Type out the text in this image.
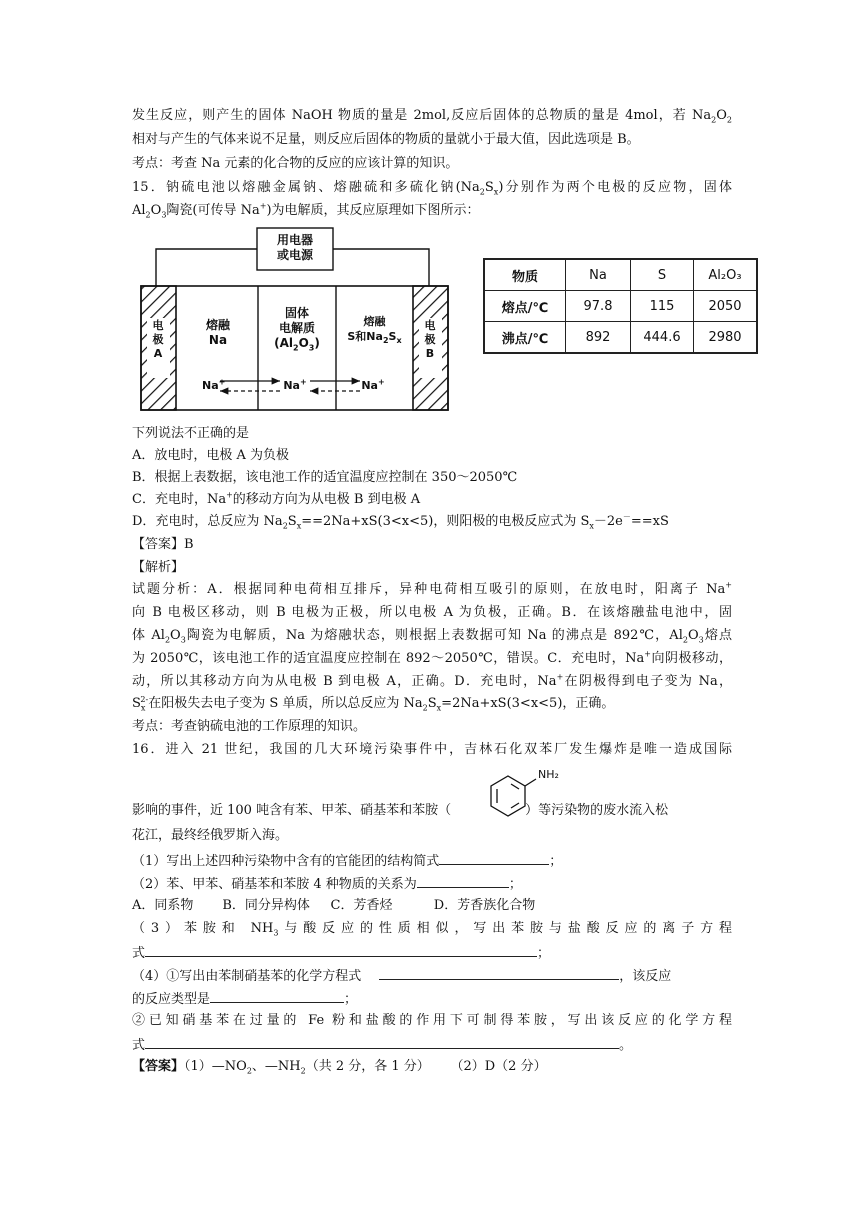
发生反应，则产生的固体 NaOH 物质的量是 2mol,反应后固体的总物质的量是 4mol，若 $Na_2O_2$
相对与产生的气体来说不足量，则反应后固体的物质的量就小于最大值，因此选项是 B。
考点：考查 Na 元素的化合物的反应的应该计算的知识。
15．钠硫电池以熔融金属钠、熔融硫和多硫化钠$(Na_2S_x)$分别作为两个电极的反应物，固体
$Al_2O_3$陶瓷(可传导 Na+)为电解质，其反应原理如下图所示：
用电器
或电源
电极A
电极B
熔融
Na
固体
电解质
$(Al_2O_3)$
熔融
S和$Na_2S_x$
Na+	Na+	Na+
物质	Na	S	Al₂O₃
熔点/℃	97.8	115	2050
沸点/℃	892	444.6	2980
下列说法不正确的是
A．放电时，电极 A 为负极
B．根据上表数据，该电池工作的适宜温度应控制在 350～2050℃
C．充电时，Na+的移动方向为从电极 B 到电极 A
D．充电时，总反应为 $Na_2S_x==2Na+xS(3<x<5)$，则阳极的电极反应式为 $S_x-2e^-==xS$
【答案】B
【解析】
试题分析：A．根据同种电荷相互排斥，异种电荷相互吸引的原则，在放电时，阳离子 Na+
向 B 电极区移动，则 B 电极为正极，所以电极 A 为负极，正确。B．在该熔融盐电池中，固
体 $Al_2O_3$陶瓷为电解质，Na 为熔融状态，则根据上表数据可知 Na 的沸点是 892℃，$Al_2O_3$熔点
为 2050℃，该电池工作的适宜温度应控制在 892～2050℃，错误。C．充电时，Na+向阴极移动，
动，所以其移动方向为从电极 B 到电极 A，正确。D．充电时，Na+在阴极得到电子变为 Na，
$S_x^{2-}$在阳极失去电子变为 S 单质，所以总反应为 $Na_2S_x=2Na+xS(3<x<5)$，正确。
考点：考查钠硫电池的工作原理的知识。
16．进入 21 世纪，我国的几大环境污染事件中，吉林石化双苯厂发生爆炸是唯一造成国际
NH₂
影响的事件，近 100 吨含有苯、甲苯、硝基苯和苯胺（	）等污染物的废水流入松
花江，最终经俄罗斯入海。
（1）写出上述四种污染物中含有的官能团的结构简式	；
（2）苯、甲苯、硝基苯和苯胺 4 种物质的关系为	；
A．同系物       B．同分异构体     C．芳香烃          D．芳香族化合物
（3）苯胺和 $NH_3$与酸反应的性质相似，写出苯胺与盐酸反应的离子方程
式	；
（4）①写出由苯制硝基苯的化学方程式	，该反应
的反应类型是	；
②已知硝基苯在过量的 Fe 粉和盐酸的作用下可制得苯胺，写出该反应的化学方程
式	。
【答案】$(1)—NO_2$、$—NH_2$（共 2 分，各 1 分）     （2）D（2 分）
